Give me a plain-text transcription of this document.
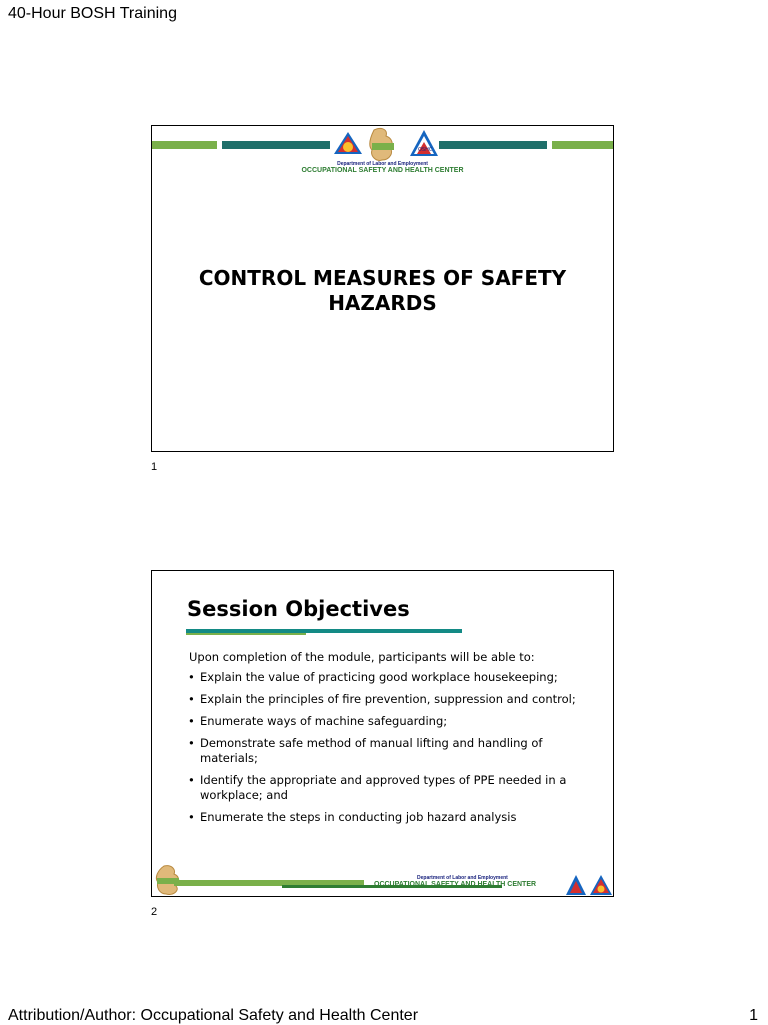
40-Hour BOSH Training
OSHC
Department of Labor and Employment
OCCUPATIONAL SAFETY AND HEALTH CENTER
CONTROL MEASURES OF SAFETY
HAZARDS
1
Session Objectives
Upon completion of the module, participants will be able to:
• Explain the value of practicing good workplace housekeeping;
• Explain the principles of fire prevention, suppression and control;
• Enumerate ways of machine safeguarding;
• Demonstrate safe method of manual lifting and handling of materials;
• Identify the appropriate and approved types of PPE needed in a workplace; and
• Enumerate the steps in conducting job hazard analysis
Department of Labor and Employment
OCCUPATIONAL SAFETY AND HEALTH CENTER
2
Attribution/Author: Occupational Safety and Health Center	1
